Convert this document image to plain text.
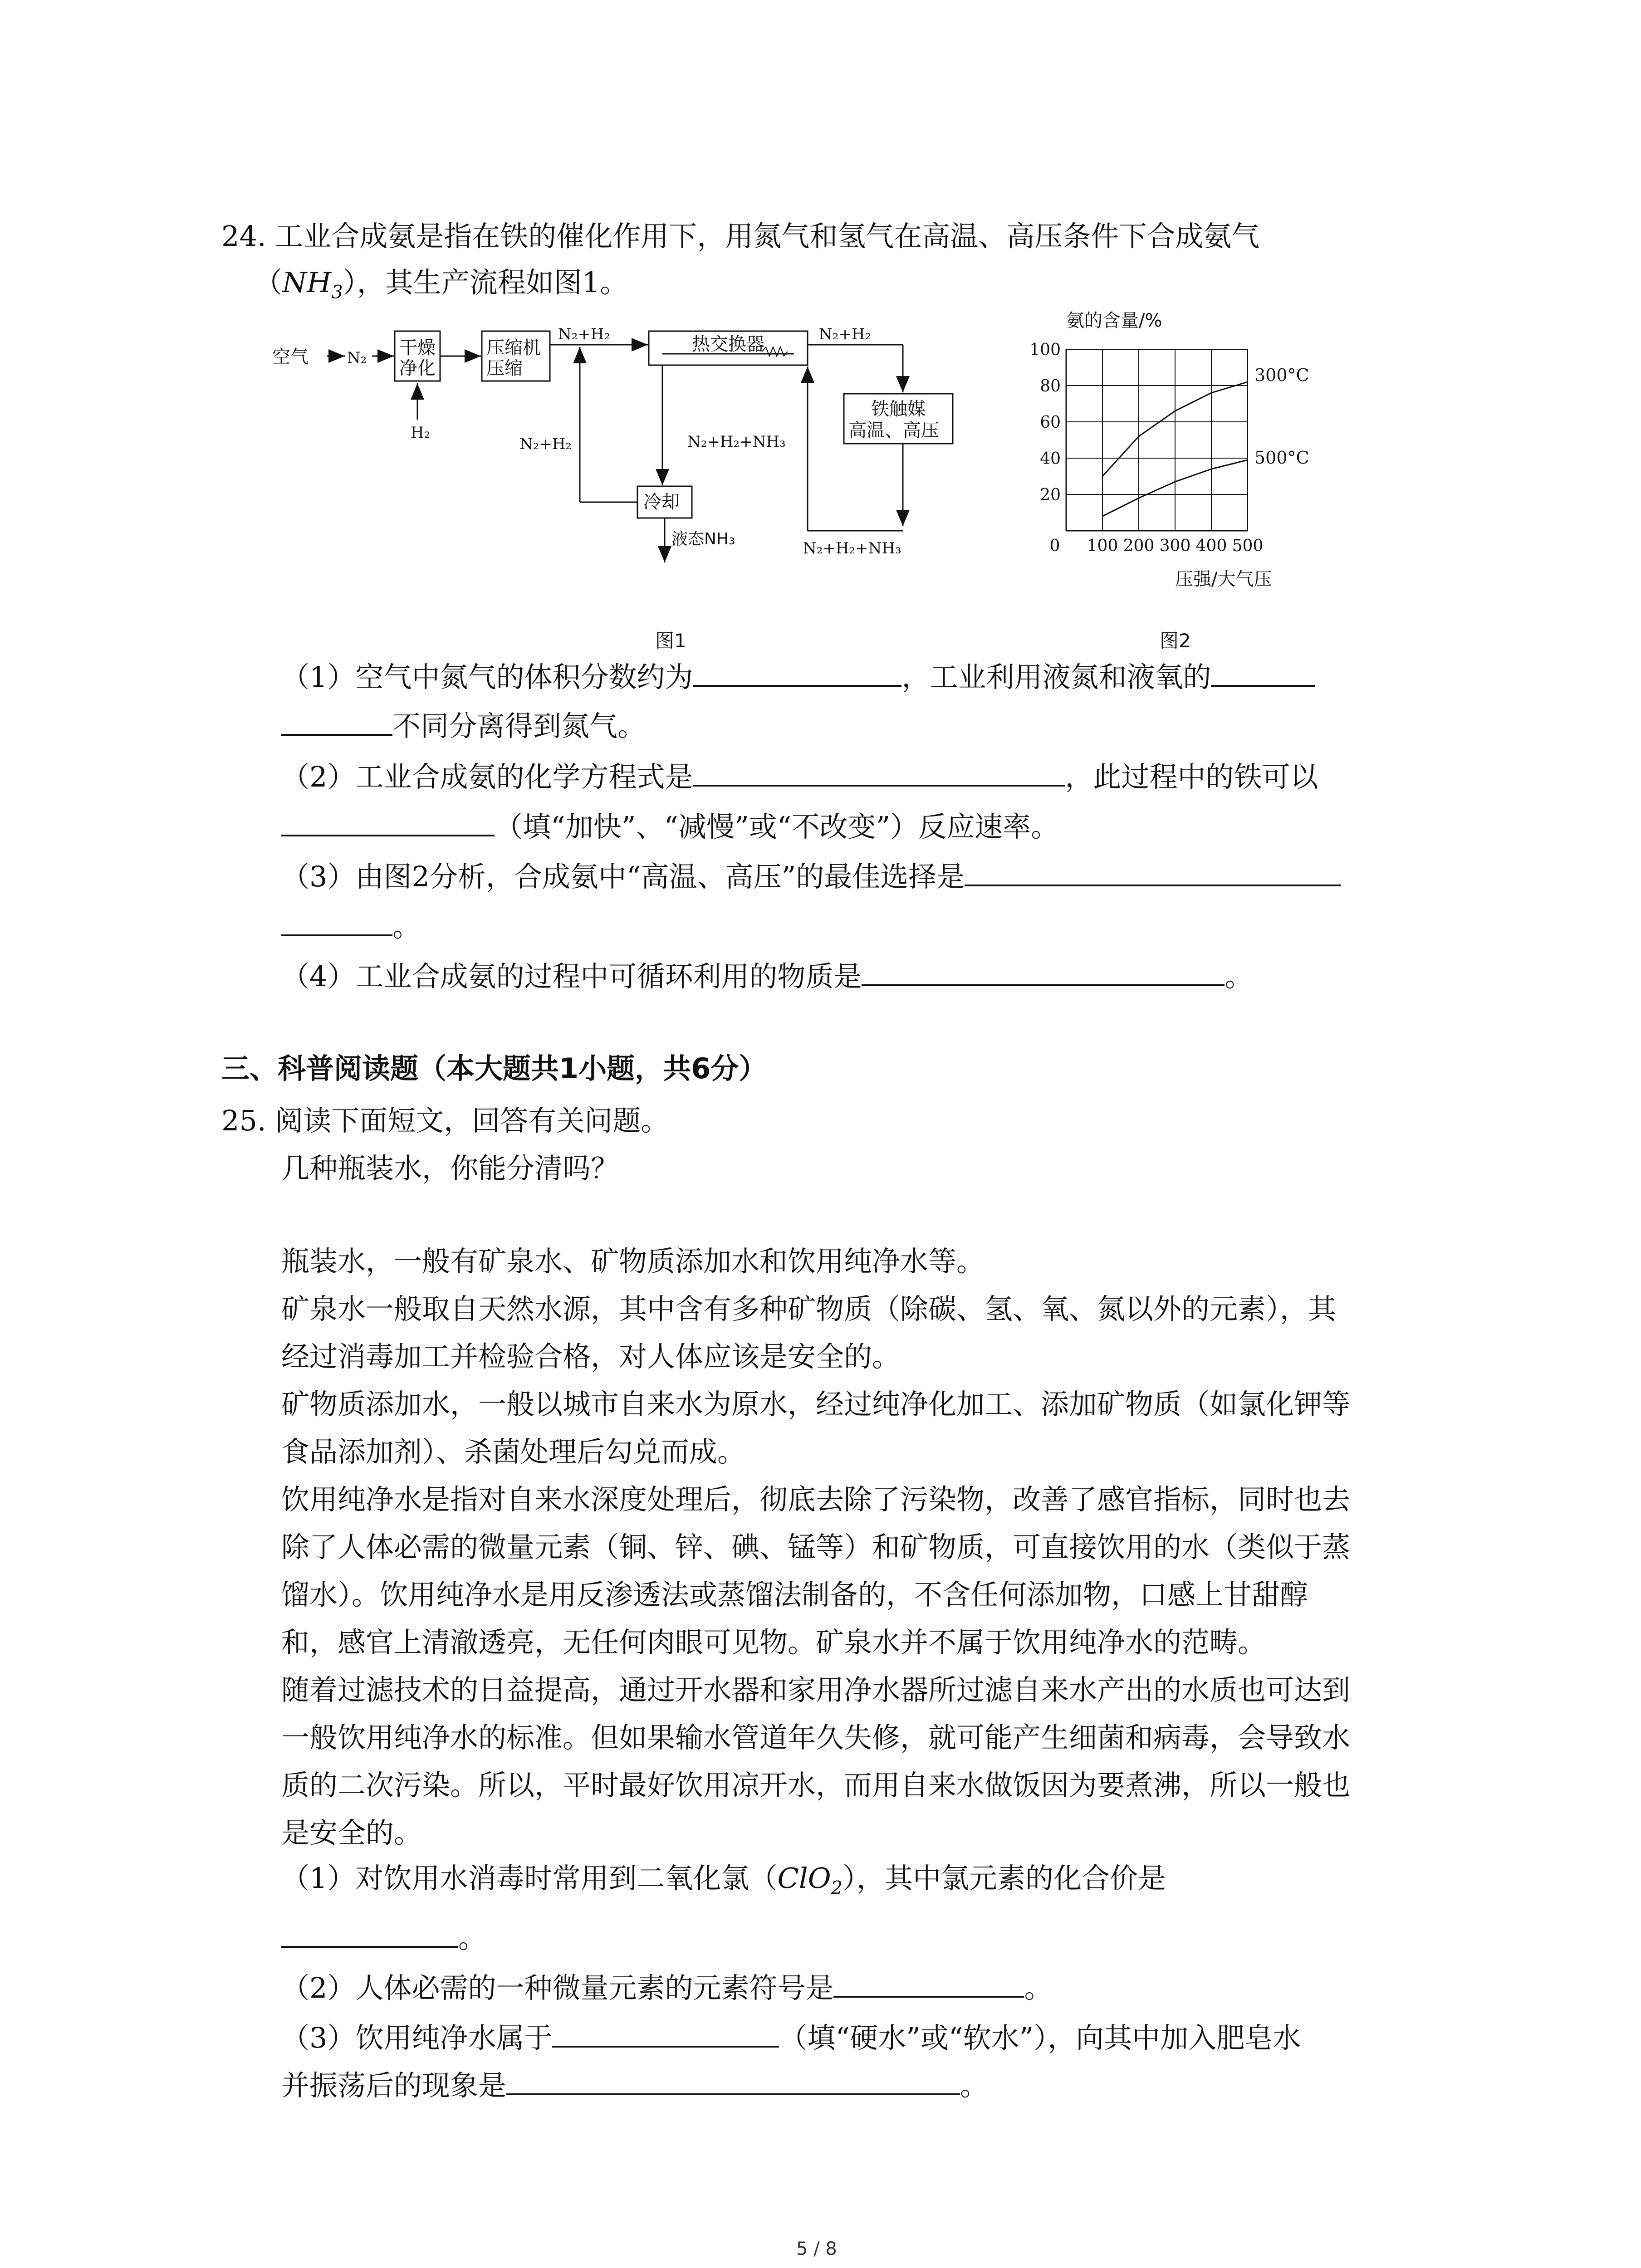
24. 工业合成氨是指在铁的催化作用下，用氮气和氢气在高温、高压条件下合成氨气
$(NH_3)$，其生产流程如图1。
空气	N₂ 干燥
净化
H₂
压缩机
压缩
N₂+H₂	热交换器	N₂+H₂
铁触媒
高温、高压
N₂+H₂	N₂+H₂+NH₃
冷却
液态NH₃	N₂+H₂+NH₃
氨的含量/%
压强/大气压
100
80
60
40
20
0 100 200 300 400 500
300°C
500°C
图1	图2
（1）空气中氮气的体积分数约为	，工业利用液氮和液氧的
不同分离得到氮气。
（2）工业合成氨的化学方程式是	，此过程中的铁可以
（填“加快”、“减慢”或“不改变”）反应速率。
（3）由图2分析，合成氨中“高温、高压”的最佳选择是
。
（4）工业合成氨的过程中可循环利用的物质是	。
三、科普阅读题（本大题共1小题，共6分）
25. 阅读下面短文，回答有关问题。
几种瓶装水，你能分清吗？
瓶装水，一般有矿泉水、矿物质添加水和饮用纯净水等。
矿泉水一般取自天然水源，其中含有多种矿物质（除碳、氢、氧、氮以外的元素），其
经过消毒加工并检验合格，对人体应该是安全的。
矿物质添加水，一般以城市自来水为原水，经过纯净化加工、添加矿物质（如氯化钾等
食品添加剂）、杀菌处理后勾兑而成。
饮用纯净水是指对自来水深度处理后，彻底去除了污染物，改善了感官指标，同时也去
除了人体必需的微量元素（铜、锌、碘、锰等）和矿物质，可直接饮用的水（类似于蒸
馏水）。饮用纯净水是用反渗透法或蒸馏法制备的，不含任何添加物，口感上甘甜醇
和，感官上清澈透亮，无任何肉眼可见物。矿泉水并不属于饮用纯净水的范畴。
随着过滤技术的日益提高，通过开水器和家用净水器所过滤自来水产出的水质也可达到
一般饮用纯净水的标准。但如果输水管道年久失修，就可能产生细菌和病毒，会导致水
质的二次污染。所以，平时最好饮用凉开水，而用自来水做饭因为要煮沸，所以一般也
是安全的。
（1）对饮用水消毒时常用到二氧化氯（ClO$_2$），其中氯元素的化合价是
。
（2）人体必需的一种微量元素的元素符号是	。
（3）饮用纯净水属于	（填“硬水”或“软水”），向其中加入肥皂水
并振荡后的现象是	。
5 / 8
